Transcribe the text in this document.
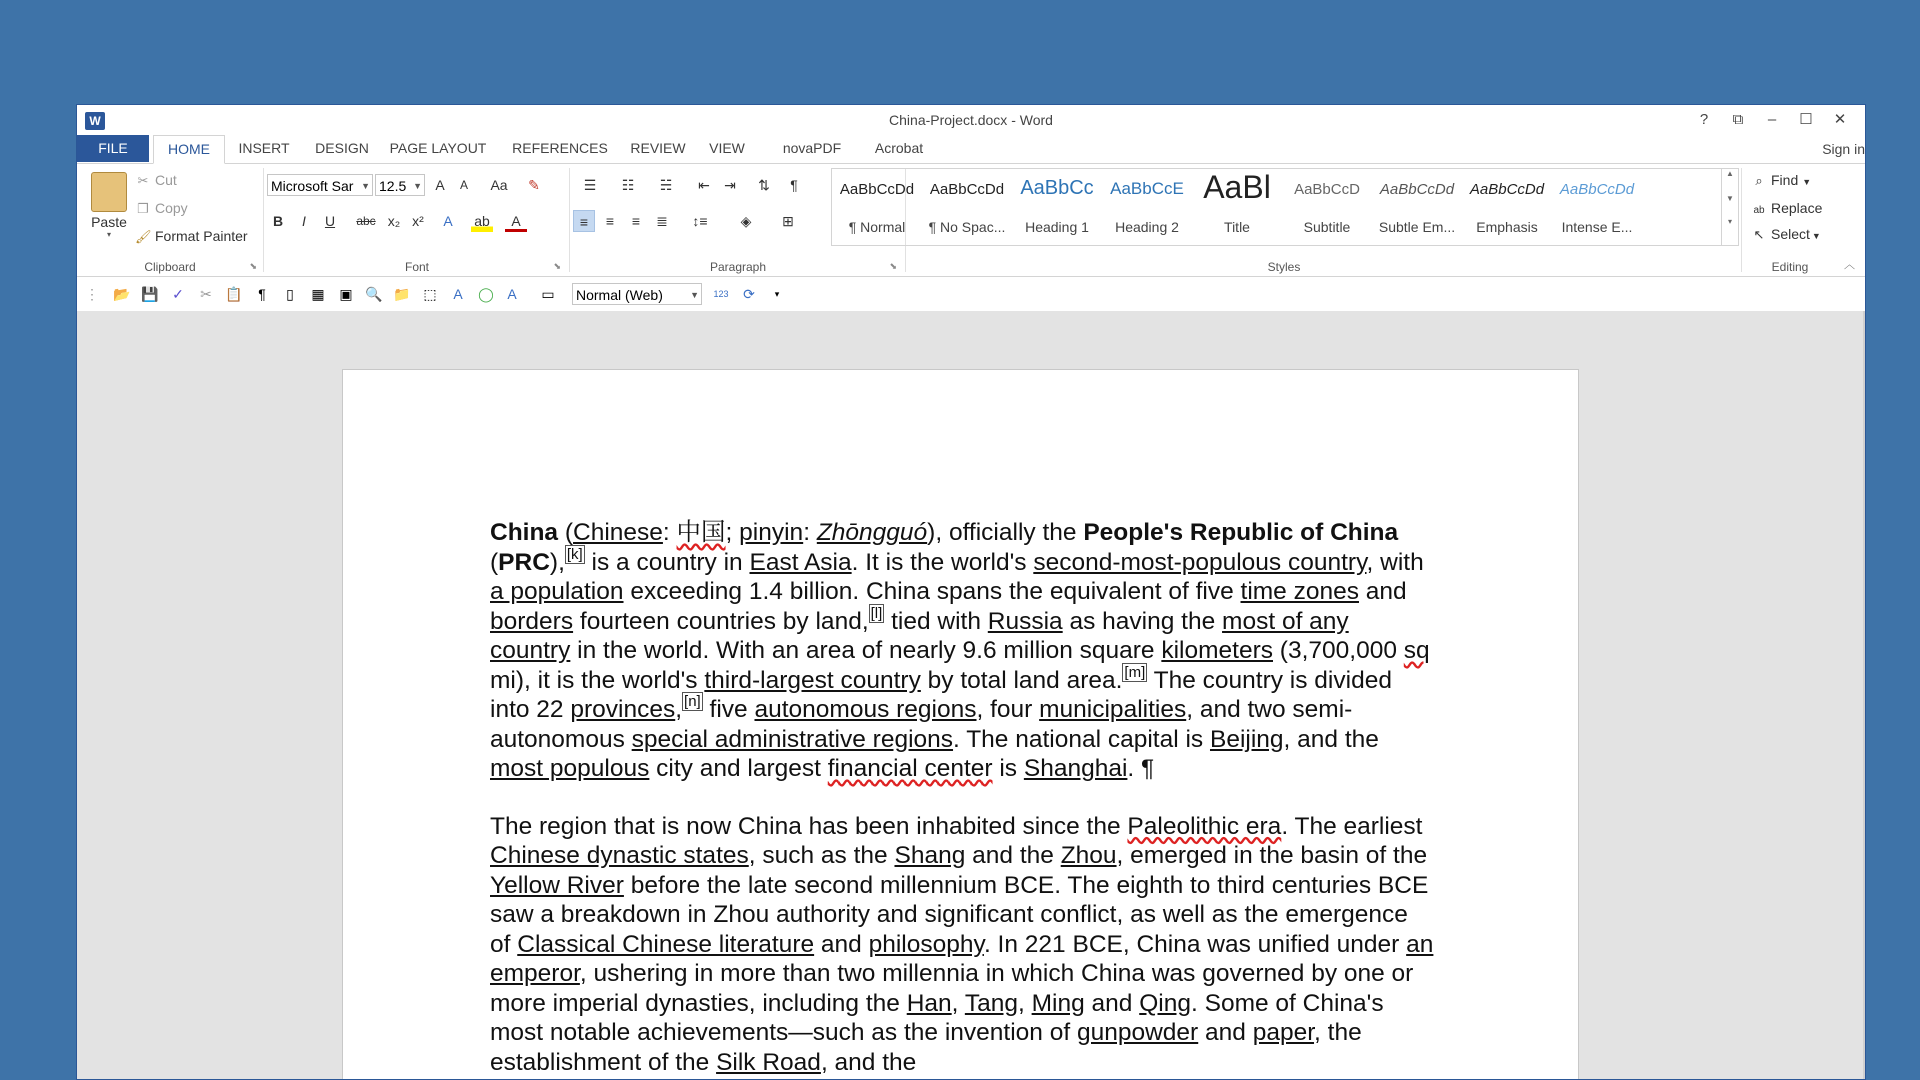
W	China-Project.docx - Word	?	⧉	–	☐	✕
FILE	HOME	INSERT	DESIGN	PAGE LAYOUT	REFERENCES	REVIEW	VIEW	novaPDF	Acrobat	Sign in
Paste
▾
✂ Cut
❐ Copy
🖌 Format Painter
Clipboard	⬊
Microsoft Sar ▼ 12.5 ▼ A	A	Aa	✎
B	I	U	abc x₂ x²	A	ab	A
Font	⬊
☰	☷	☵	⇤	⇥	⇅	¶
≡	≡	≡	≣	↕≡	◈	⊞
Paragraph	⬊
AaBbCcDd
¶ Normal
AaBbCcDd
¶ No Spac...
AaBbCc
Heading 1
AaBbCcE
Heading 2
AaBl
Title
AaBbCcD
Subtitle
AaBbCcDd
Subtle Em...
AaBbCcDd
Emphasis
AaBbCcDd
Intense E...
▲
▼
▾
Styles
⌕ Find ▼
ab Replace
↖ Select ▼
Editing	︿
⋮ 📂 💾 ✓	✂ 📋	¶	▯	▦	▣ 🔍 📁 ⬚	A	◯ A	▭	Normal (Web)	▼	123	⟳	▾

China (Chinese: 中国; pinyin: Zhōngguó), officially the People's Republic of China (PRC), [k] is a country in East Asia. It is the world's second-most-populous country, with a population exceeding 1.4 billion. China spans the equivalent of five time zones and borders fourteen countries by land, [l] tied with Russia as having the most of any country in the world. With an area of nearly 9.6 million square kilometers (3,700,000 sq mi), it is the world's third-largest country by total land area. [m] The country is divided into 22 provinces, [n] five autonomous regions, four municipalities, and two semi-autonomous special administrative regions. The national capital is Beijing, and the most populous city and largest financial center is Shanghai. ¶

The region that is now China has been inhabited since the Paleolithic era. The earliest Chinese dynastic states, such as the Shang and the Zhou, emerged in the basin of the Yellow River before the late second millennium BCE. The eighth to third centuries BCE saw a breakdown in Zhou authority and significant conflict, as well as the emergence of Classical Chinese literature and philosophy. In 221 BCE, China was unified under an emperor, ushering in more than two millennia in which China was governed by one or more imperial dynasties, including the Han, Tang, Ming and Qing. Some of China's most notable achievements—such as the invention of gunpowder and paper, the establishment of the Silk Road, and the
